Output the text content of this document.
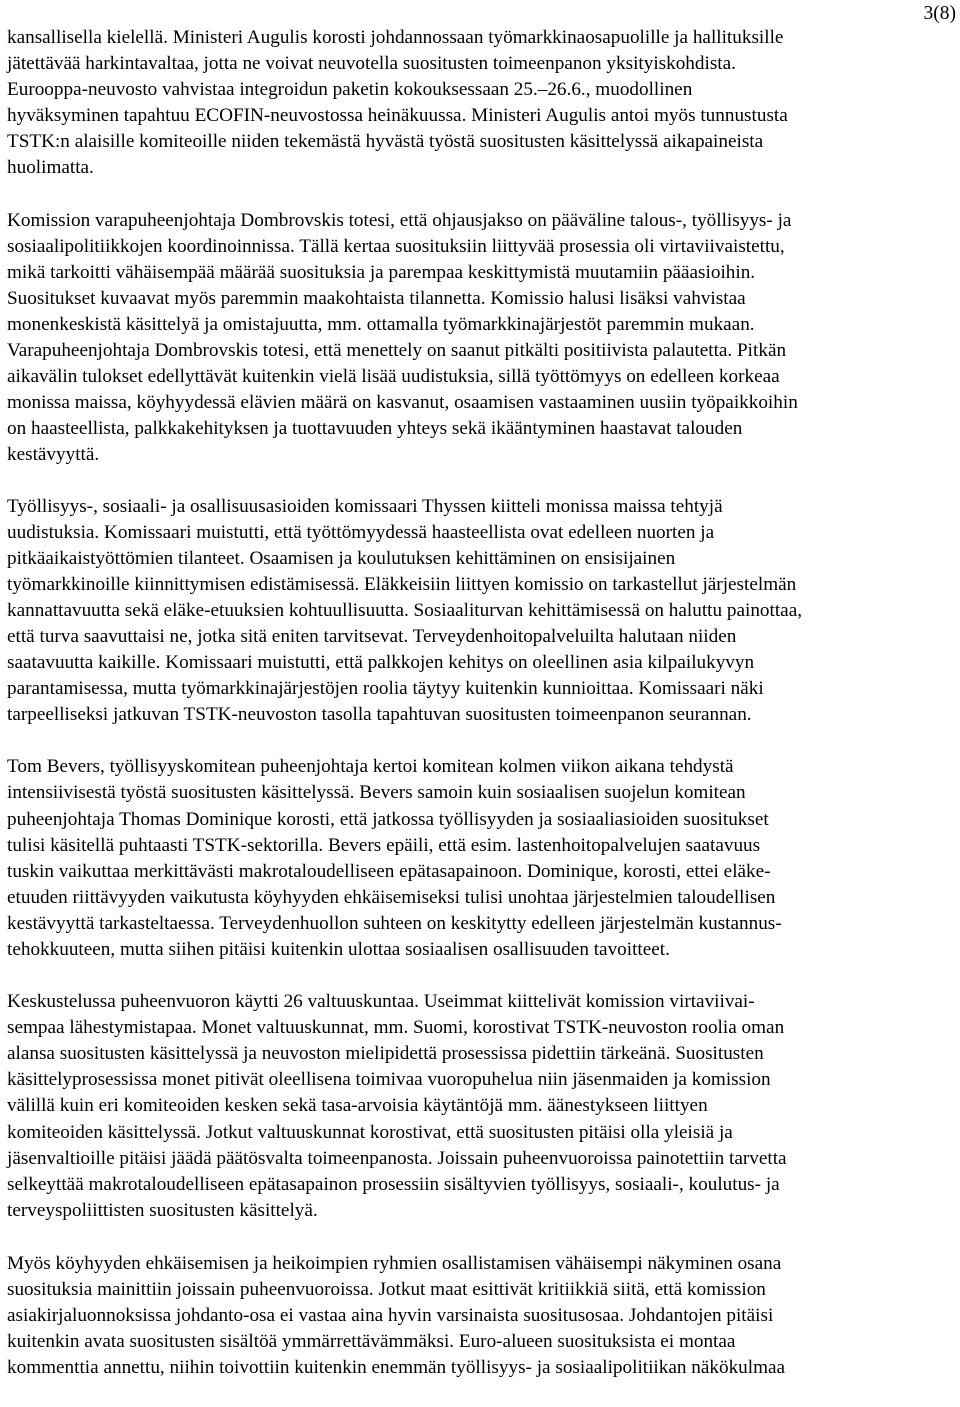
3(8)

kansallisella kielellä. Ministeri Augulis korosti johdannossaan työmarkkinaosapuolille ja hallituksille
jätettävää harkintavaltaa, jotta ne voivat neuvotella suositusten toimeenpanon yksityiskohdista.
Eurooppa-neuvosto vahvistaa integroidun paketin kokouksessaan 25.–26.6., muodollinen
hyväksyminen tapahtuu ECOFIN-neuvostossa heinäkuussa. Ministeri Augulis antoi myös tunnustusta
TSTK:n alaisille komiteoille niiden tekemästä hyvästä työstä suositusten käsittelyssä aikapaineista
huolimatta.

Komission varapuheenjohtaja Dombrovskis totesi, että ohjausjakso on pääväline talous-, työllisyys- ja
sosiaalipolitiikkojen koordinoinnissa. Tällä kertaa suosituksiin liittyvää prosessia oli virtaviivaistettu,
mikä tarkoitti vähäisempää määrää suosituksia ja parempaa keskittymistä muutamiin pääasioihin.
Suositukset kuvaavat myös paremmin maakohtaista tilannetta. Komissio halusi lisäksi vahvistaa
monenkeskistä käsittelyä ja omistajuutta, mm. ottamalla työmarkkinajärjestöt paremmin mukaan.
Varapuheenjohtaja Dombrovskis totesi, että menettely on saanut pitkälti positiivista palautetta. Pitkän
aikavälin tulokset edellyttävät kuitenkin vielä lisää uudistuksia, sillä työttömyys on edelleen korkeaa
monissa maissa, köyhyydessä elävien määrä on kasvanut, osaamisen vastaaminen uusiin työpaikkoihin
on haasteellista, palkkakehityksen ja tuottavuuden yhteys sekä ikääntyminen haastavat talouden
kestävyyttä.

Työllisyys-, sosiaali- ja osallisuusasioiden komissaari Thyssen kiitteli monissa maissa tehtyjä
uudistuksia. Komissaari muistutti, että työttömyydessä haasteellista ovat edelleen nuorten ja
pitkäaikaistyöttömien tilanteet. Osaamisen ja koulutuksen kehittäminen on ensisijainen
työmarkkinoille kiinnittymisen edistämisessä. Eläkkeisiin liittyen komissio on tarkastellut järjestelmän
kannattavuutta sekä eläke-etuuksien kohtuullisuutta. Sosiaaliturvan kehittämisessä on haluttu painottaa,
että turva saavuttaisi ne, jotka sitä eniten tarvitsevat. Terveydenhoitopalveluilta halutaan niiden
saatavuutta kaikille. Komissaari muistutti, että palkkojen kehitys on oleellinen asia kilpailukyvyn
parantamisessa, mutta työmarkkinajärjestöjen roolia täytyy kuitenkin kunnioittaa. Komissaari näki
tarpeelliseksi jatkuvan TSTK-neuvoston tasolla tapahtuvan suositusten toimeenpanon seurannan.

Tom Bevers, työllisyyskomitean puheenjohtaja kertoi komitean kolmen viikon aikana tehdystä
intensiivisestä työstä suositusten käsittelyssä. Bevers samoin kuin sosiaalisen suojelun komitean
puheenjohtaja Thomas Dominique korosti, että jatkossa työllisyyden ja sosiaaliasioiden suositukset
tulisi käsitellä puhtaasti TSTK-sektorilla. Bevers epäili, että esim. lastenhoitopalvelujen saatavuus
tuskin vaikuttaa merkittävästi makrotaloudelliseen epätasapainoon. Dominique, korosti, ettei eläke-
etuuden riittävyyden vaikutusta köyhyyden ehkäisemiseksi tulisi unohtaa järjestelmien taloudellisen
kestävyyttä tarkasteltaessa. Terveydenhuollon suhteen on keskitytty edelleen järjestelmän kustannus-
tehokkuuteen, mutta siihen pitäisi kuitenkin ulottaa sosiaalisen osallisuuden tavoitteet.

Keskustelussa puheenvuoron käytti 26 valtuuskuntaa. Useimmat kiittelivät komission virtaviivai-
sempaa lähestymistapaa. Monet valtuuskunnat, mm. Suomi, korostivat TSTK-neuvoston roolia oman
alansa suositusten käsittelyssä ja neuvoston mielipidettä prosessissa pidettiin tärkeänä. Suositusten
käsittelyprosessissa monet pitivät oleellisena toimivaa vuoropuhelua niin jäsenmaiden ja komission
välillä kuin eri komiteoiden kesken sekä tasa-arvoisia käytäntöjä mm. äänestykseen liittyen
komiteoiden käsittelyssä. Jotkut valtuuskunnat korostivat, että suositusten pitäisi olla yleisiä ja
jäsenvaltioille pitäisi jäädä päätösvalta toimeenpanosta. Joissain puheenvuoroissa painotettiin tarvetta
selkeyttää makrotaloudelliseen epätasapainon prosessiin sisältyvien työllisyys, sosiaali-, koulutus- ja
terveyspoliittisten suositusten käsittelyä.

Myös köyhyyden ehkäisemisen ja heikoimpien ryhmien osallistamisen vähäisempi näkyminen osana
suosituksia mainittiin joissain puheenvuoroissa. Jotkut maat esittivät kritiikkiä siitä, että komission
asiakirjaluonnoksissa johdanto-osa ei vastaa aina hyvin varsinaista suositusosaa. Johdantojen pitäisi
kuitenkin avata suositusten sisältöä ymmärrettävämmäksi. Euro-alueen suosituksista ei montaa
kommenttia annettu, niihin toivottiin kuitenkin enemmän työllisyys- ja sosiaalipolitiikan näkökulmaa
